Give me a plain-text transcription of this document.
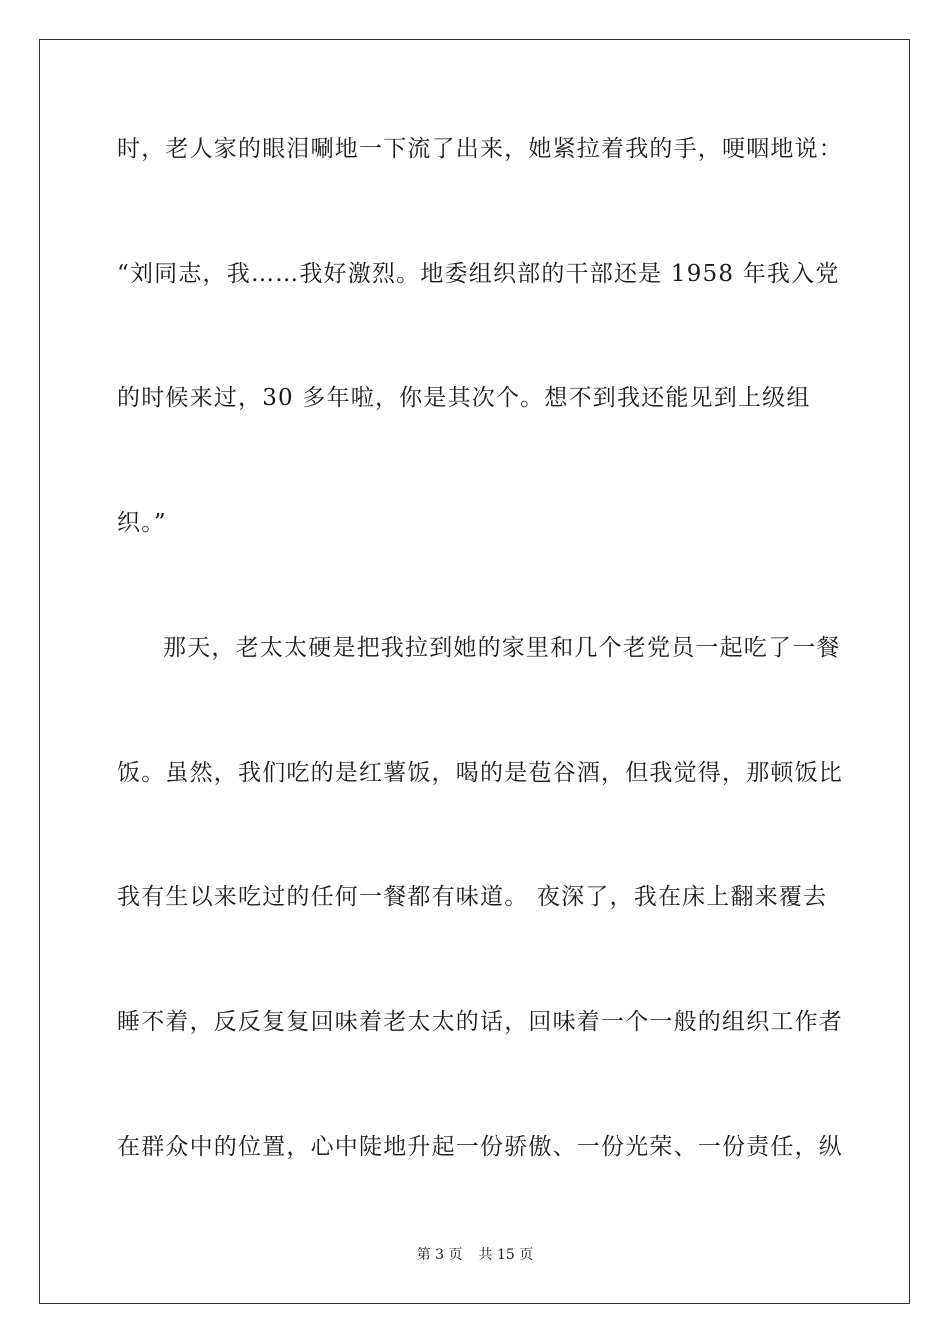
时，老人家的眼泪唰地一下流了出来，她紧拉着我的手，哽咽地说：
“刘同志，我……我好激烈。地委组织部的干部还是 1958 年我入党
的时候来过，30 多年啦，你是其次个。想不到我还能见到上级组
织。”
那天，老太太硬是把我拉到她的家里和几个老党员一起吃了一餐
饭。虽然，我们吃的是红薯饭，喝的是苞谷酒，但我觉得，那顿饭比
我有生以来吃过的任何一餐都有味道。 夜深了，我在床上翻来覆去
睡不着，反反复复回味着老太太的话，回味着一个一般的组织工作者
在群众中的位置，心中陡地升起一份骄傲、一份光荣、一份责任，纵
第 3 页 共 15 页
